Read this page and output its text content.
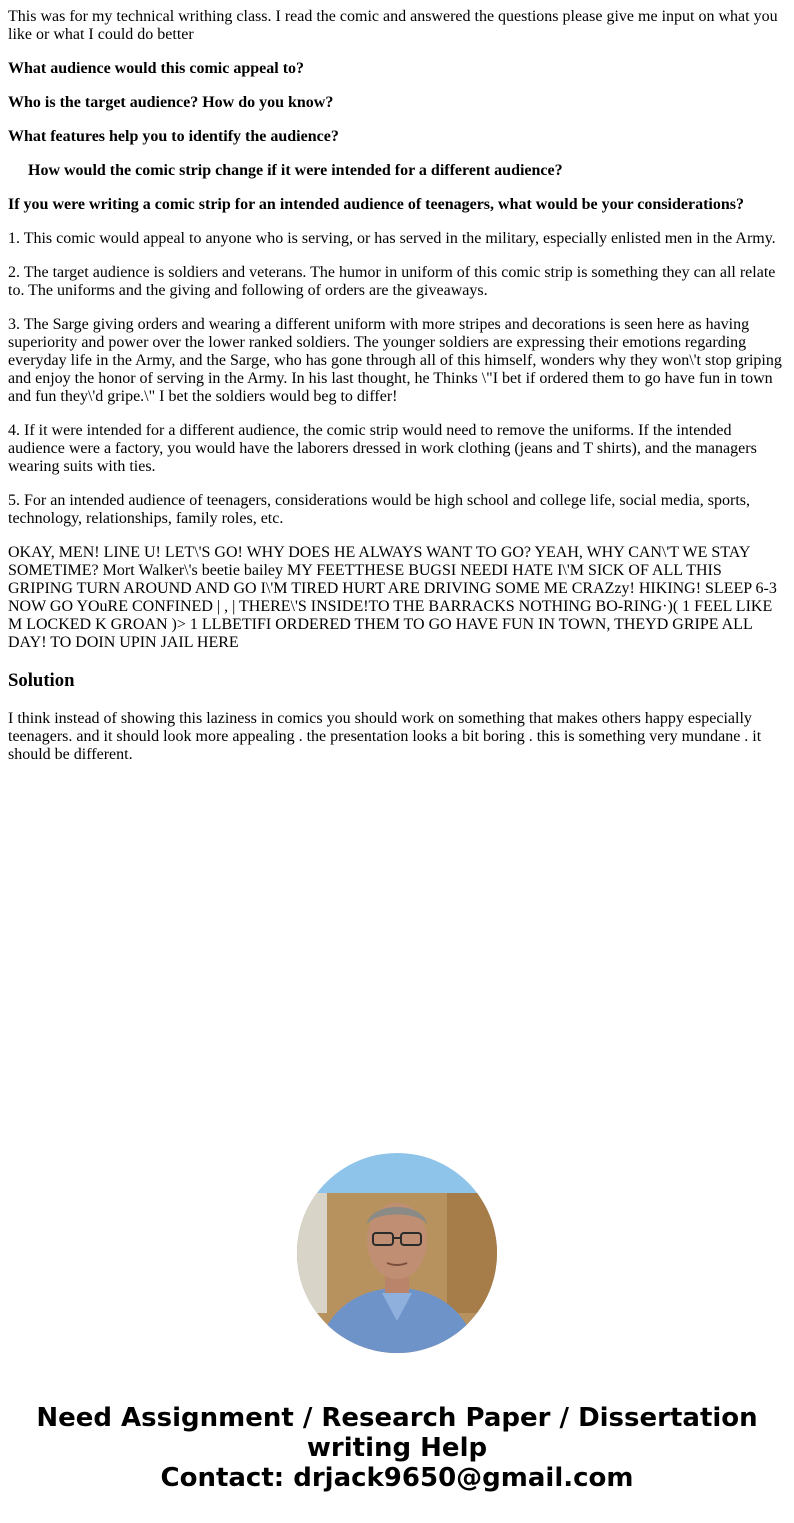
This was for my technical writhing class. I read the comic and answered the questions please give me input on what you like or what I could do better

What audience would this comic appeal to?

Who is the target audience? How do you know?

What features help you to identify the audience?

How would the comic strip change if it were intended for a different audience?

If you were writing a comic strip for an intended audience of teenagers, what would be your considerations?

1. This comic would appeal to anyone who is serving, or has served in the military, especially enlisted men in the Army.

2. The target audience is soldiers and veterans. The humor in uniform of this comic strip is something they can all relate to. The uniforms and the giving and following of orders are the giveaways.

3. The Sarge giving orders and wearing a different uniform with more stripes and decorations is seen here as having superiority and power over the lower ranked soldiers. The younger soldiers are expressing their emotions regarding everyday life in the Army, and the Sarge, who has gone through all of this himself, wonders why they won\'t stop griping and enjoy the honor of serving in the Army. In his last thought, he Thinks \"I bet if ordered them to go have fun in town and fun they\'d gripe.\" I bet the soldiers would beg to differ!

4. If it were intended for a different audience, the comic strip would need to remove the uniforms. If the intended audience were a factory, you would have the laborers dressed in work clothing (jeans and T shirts), and the managers wearing suits with ties.

5. For an intended audience of teenagers, considerations would be high school and college life, social media, sports, technology, relationships, family roles, etc.

OKAY, MEN! LINE U! LET\'S GO! WHY DOES HE ALWAYS WANT TO GO? YEAH, WHY CAN\'T WE STAY SOMETIME? Mort Walker\'s beetie bailey MY FEETTHESE BUGSI NEEDI HATE I\'M SICK OF ALL THIS GRIPING TURN AROUND AND GO I\'M TIRED HURT ARE DRIVING SOME ME CRAZzy! HIKING! SLEEP 6-3 NOW GO YOuRE CONFINED | , | THERE\'S INSIDE!TO THE BARRACKS NOTHING BO-RING·)( 1 FEEL LIKE M LOCKED K GROAN )> 1 LLBETIFI ORDERED THEM TO GO HAVE FUN IN TOWN, THEYD GRIPE ALL DAY! TO DOIN UPIN JAIL HERE

Solution

I think instead of showing this laziness in comics you should work on something that makes others happy especially teenagers. and it should look more appealing . the presentation looks a bit boring . this is something very mundane . it should be different.

Need Assignment / Research Paper / Dissertation
writing Help
Contact: drjack9650@gmail.com
